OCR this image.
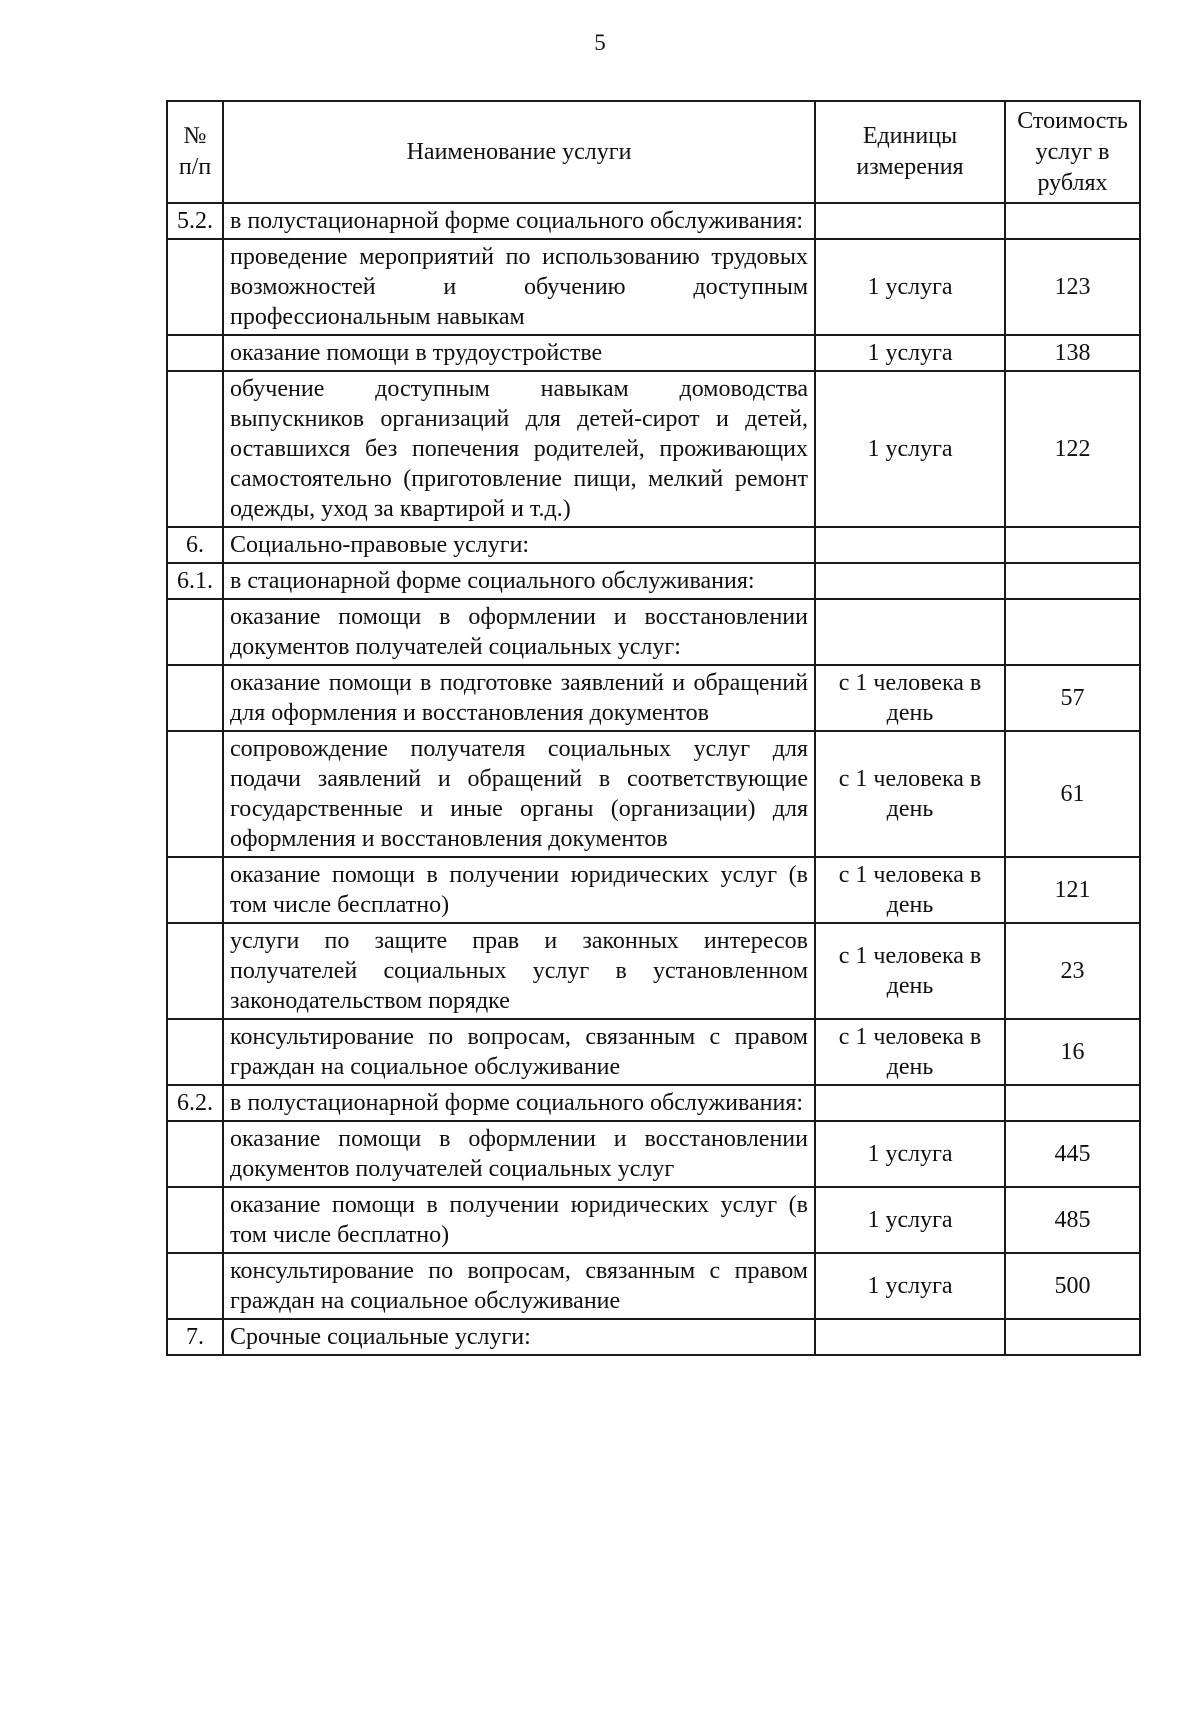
5
№ п/п	Наименование услуги	Единицы измерения	Стоимость услуг в рублях
5.2.	в полустационарной форме социального обслуживания:		
	проведение мероприятий по использованию трудовых возможностей и обучению доступным профессиональным навыкам	1 услуга	123
	оказание помощи в трудоустройстве	1 услуга	138
	обучение доступным навыкам домоводства выпускников организаций для детей-сирот и детей, оставшихся без попечения родителей, проживающих самостоятельно (приготовление пищи, мелкий ремонт одежды, уход за квартирой и т.д.)	1 услуга	122
6.	Социально-правовые услуги:		
6.1.	в стационарной форме социального обслуживания:		
	оказание помощи в оформлении и восстановлении документов получателей социальных услуг:		
	оказание помощи в подготовке заявлений и обращений для оформления и восстановления документов	с 1 человека в день	57
	сопровождение получателя социальных услуг для подачи заявлений и обращений в соответствующие государственные и иные органы (организации) для оформления и восстановления документов	с 1 человека в день	61
	оказание помощи в получении юридических услуг (в том числе бесплатно)	с 1 человека в день	121
	услуги по защите прав и законных интересов получателей социальных услуг в установленном законодательством порядке	с 1 человека в день	23
	консультирование по вопросам, связанным с правом граждан на социальное обслуживание	с 1 человека в день	16
6.2.	в полустационарной форме социального обслуживания:		
	оказание помощи в оформлении и восстановлении документов получателей социальных услуг	1 услуга	445
	оказание помощи в получении юридических услуг (в том числе бесплатно)	1 услуга	485
	консультирование по вопросам, связанным с правом граждан на социальное обслуживание	1 услуга	500
7.	Срочные социальные услуги:		
